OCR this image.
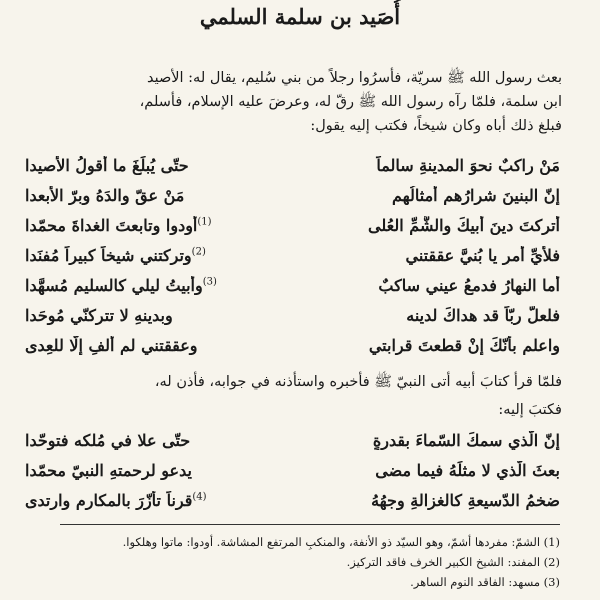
أُصَيد بن سلمة السلمي
بعث رسول الله ﷺ سريّة، فأسرُوا رجلاً من بني سُليم، يقال له: الأصيد
ابن سلمة، فلمّا رآه رسول الله ﷺ رقّ له، وعرضَ عليه الإسلام، فأسلم،
فبلغ ذلك أباه وكان شيخاً، فكتب إليه يقول:
مَنْ راكبٌ نحوَ المدينةِ سالماً
حتّى يُبلِّغَ ما أقولُ الأصيدا
إنّ البنينَ شرارُهم أمثالُهم
مَنْ عقّ والدَهُ وبرّ الأبعدا
أتركتَ دينَ أبيكَ والشُّمِّ العُلى
$^{(1)}$أودوا وتابعتَ الغداةَ محمّدا
فلأيِّ أمرٍ يا بُنيَّ عققتني
$^{(2)}$وتركتني شيخاً كبيراً مُفنَدا
أما النهارُ فدمعُ عيني ساكبٌ
$^{(3)}$وأبيتُ ليلي كالسليمِ مُسهَّدا
فلعلَّ ربّاً قد هداكَ لدينه
وبدينهِ لا تتركنّي مُوحَدا
واعلم بأنّكَ إنْ قطعتَ قرابتي
وعققتني لم ألفِ إلّا للعِدى
فلمّا قرأ كتابَ أبيه أتى النبيّ ﷺ فأخبره واستأذنه في جوابه، فأذن له،
فكتبَ إليه:
إنّ الّذي سمكَ السّماءَ بقدرةٍ
حتّى علا في مُلكه فتوحّدا
بعثَ الّذي لا مثلَهُ فيما مضى
يدعو لرحمتهِ النبيّ محمّدا
ضخمُ الدّسيعةِ كالغزالةِ وجهُهُ
$^{(4)}$قرناً تأزّرَ بالمكارمِ وارتدى
(1) الشمّ: مفردها أشمّ، وهو السيّد ذو الأنفة، والمنكبِ المرتفع المشاشة. أودوا: ماتوا وهلكوا.
(2) المفند: الشيخ الكبير الخرف فاقد التركيز.
(3) مسهد: الفاقد النوم الساهر.
